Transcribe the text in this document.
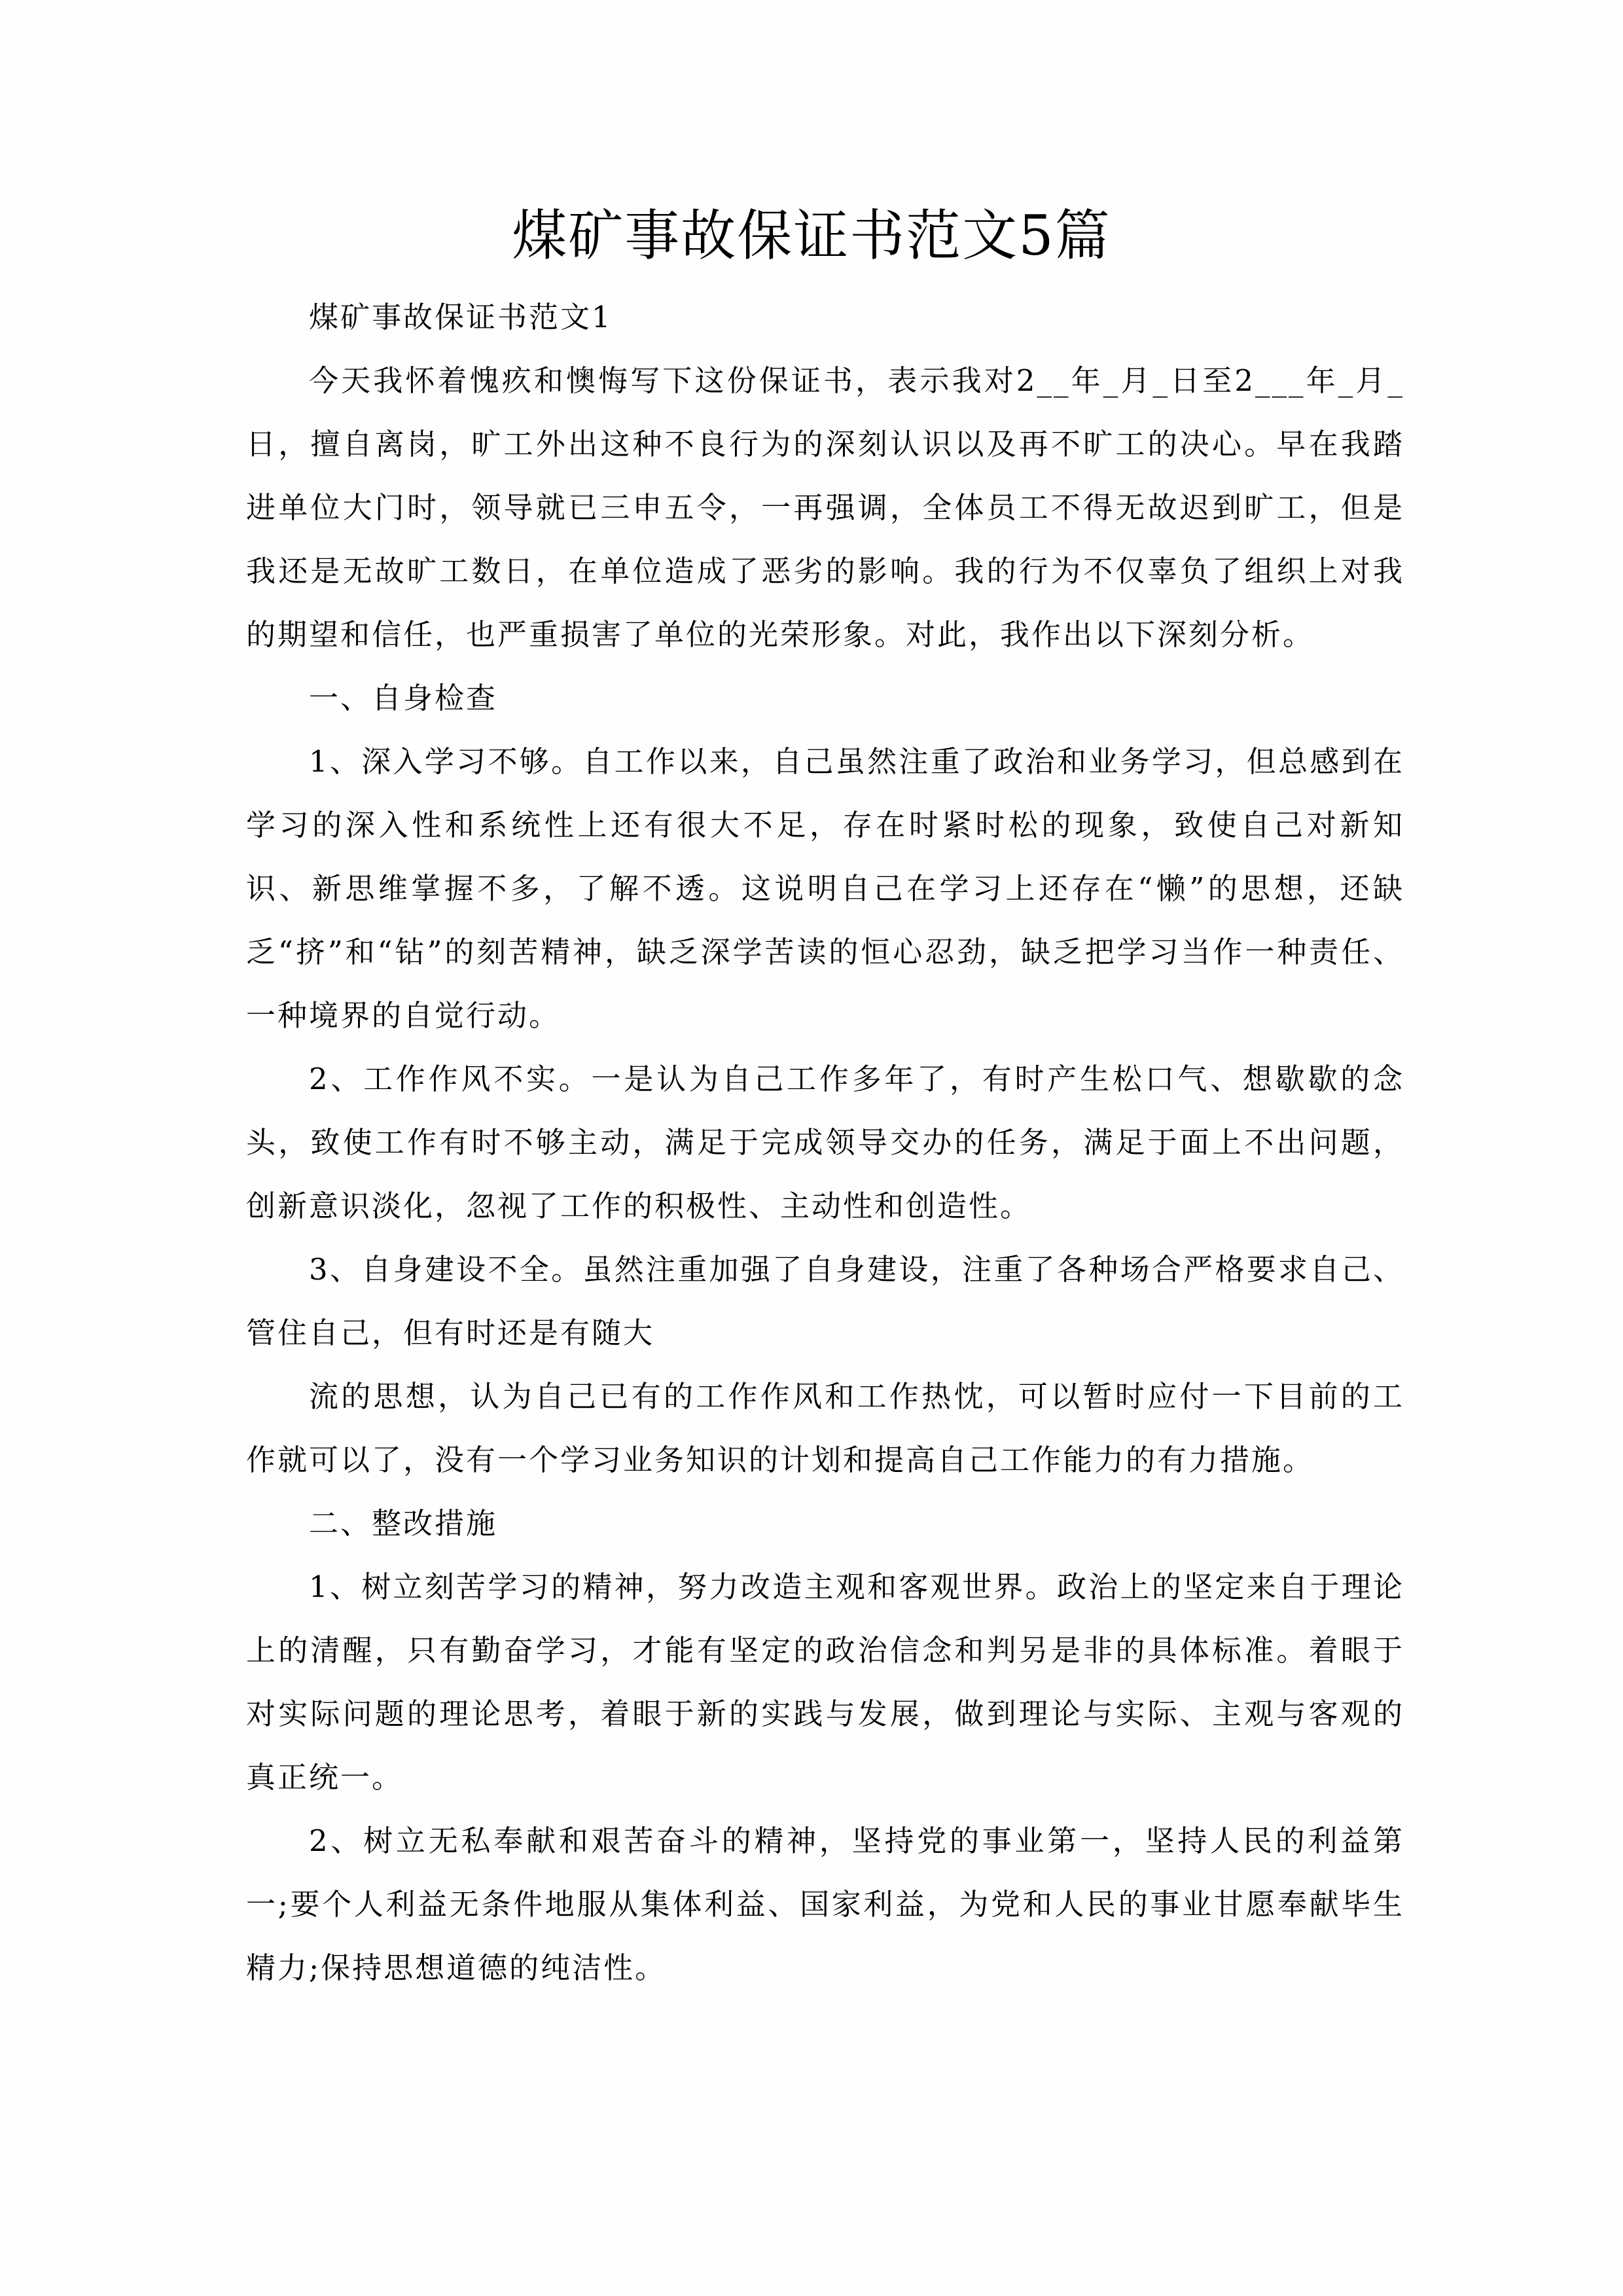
煤矿事故保证书范文5篇

煤矿事故保证书范文1

今天我怀着愧疚和懊悔写下这份保证书，表示我对2__年_月_日至2___年_月_日，擅自离岗，旷工外出这种不良行为的深刻认识以及再不旷工的决心。早在我踏进单位大门时，领导就已三申五令，一再强调，全体员工不得无故迟到旷工，但是我还是无故旷工数日，在单位造成了恶劣的影响。我的行为不仅辜负了组织上对我的期望和信任，也严重损害了单位的光荣形象。对此，我作出以下深刻分析。

一、自身检查

1、深入学习不够。自工作以来，自己虽然注重了政治和业务学习，但总感到在学习的深入性和系统性上还有很大不足，存在时紧时松的现象，致使自己对新知识、新思维掌握不多，了解不透。这说明自己在学习上还存在“懒”的思想，还缺乏“挤”和“钻”的刻苦精神，缺乏深学苦读的恒心忍劲，缺乏把学习当作一种责任、一种境界的自觉行动。

2、工作作风不实。一是认为自己工作多年了，有时产生松口气、想歇歇的念头，致使工作有时不够主动，满足于完成领导交办的任务，满足于面上不出问题，创新意识淡化，忽视了工作的积极性、主动性和创造性。

3、自身建设不全。虽然注重加强了自身建设，注重了各种场合严格要求自己、管住自己，但有时还是有随大

流的思想，认为自己已有的工作作风和工作热忱，可以暂时应付一下目前的工作就可以了，没有一个学习业务知识的计划和提高自己工作能力的有力措施。

二、整改措施

1、树立刻苦学习的精神，努力改造主观和客观世界。政治上的坚定来自于理论上的清醒，只有勤奋学习，才能有坚定的政治信念和判另是非的具体标准。着眼于对实际问题的理论思考，着眼于新的实践与发展，做到理论与实际、主观与客观的真正统一。

2、树立无私奉献和艰苦奋斗的精神，坚持党的事业第一，坚持人民的利益第一;要个人利益无条件地服从集体利益、国家利益，为党和人民的事业甘愿奉献毕生精力;保持思想道德的纯洁性。
